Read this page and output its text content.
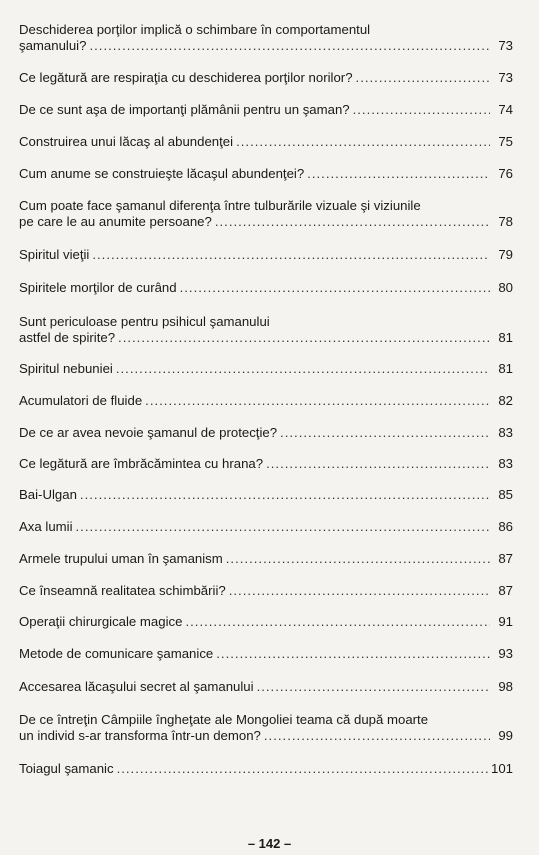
Deschiderea porţilor implică o schimbare în comportamentul
şamanului? .....	73
Ce legătură are respiraţia cu deschiderea porţilor norilor? .....	73
De ce sunt aşa de importanţi plămânii pentru un şaman? .....	74
Construirea unui lăcaş al abundenţei .....	75
Cum anume se construieşte lăcaşul abundenţei? .....	76
Cum poate face şamanul diferenţa între tulburările vizuale şi viziunile
pe care le au anumite persoane? .....	78
Spiritul vieţii .....	79
Spiritele morţilor de curând .....	80
Sunt periculoase pentru psihicul şamanului
astfel de spirite? .....	81
Spiritul nebuniei .....	81
Acumulatori de fluide .....	82
De ce ar avea nevoie şamanul de protecţie? .....	83
Ce legătură are îmbrăcămintea cu hrana? .....	83
Bai-Ulgan .....	85
Axa lumii .....	86
Armele trupului uman în şamanism .....	87
Ce înseamnă realitatea schimbării? .....	87
Operaţii chirurgicale magice .....	91
Metode de comunicare şamanice .....	93
Accesarea lăcaşului secret al şamanului .....	98
De ce întreţin Câmpiile îngheţate ale Mongoliei teama că după moarte
un individ s-ar transforma într-un demon? .....	99
Toiagul şamanic .....	101
– 142 –
